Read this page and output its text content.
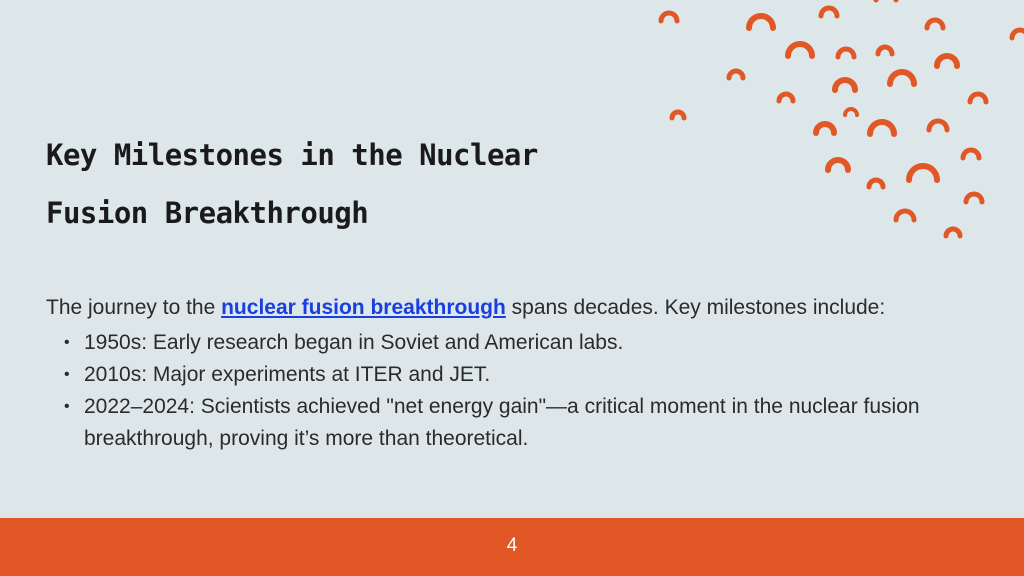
Key Milestones in the Nuclear
Fusion Breakthrough

The journey to the nuclear fusion breakthrough spans decades. Key milestones include:

• 1950s: Early research began in Soviet and American labs.
• 2010s: Major experiments at ITER and JET.
• 2022–2024: Scientists achieved "net energy gain"—a critical moment in the nuclear fusion breakthrough, proving it’s more than theoretical.
4
